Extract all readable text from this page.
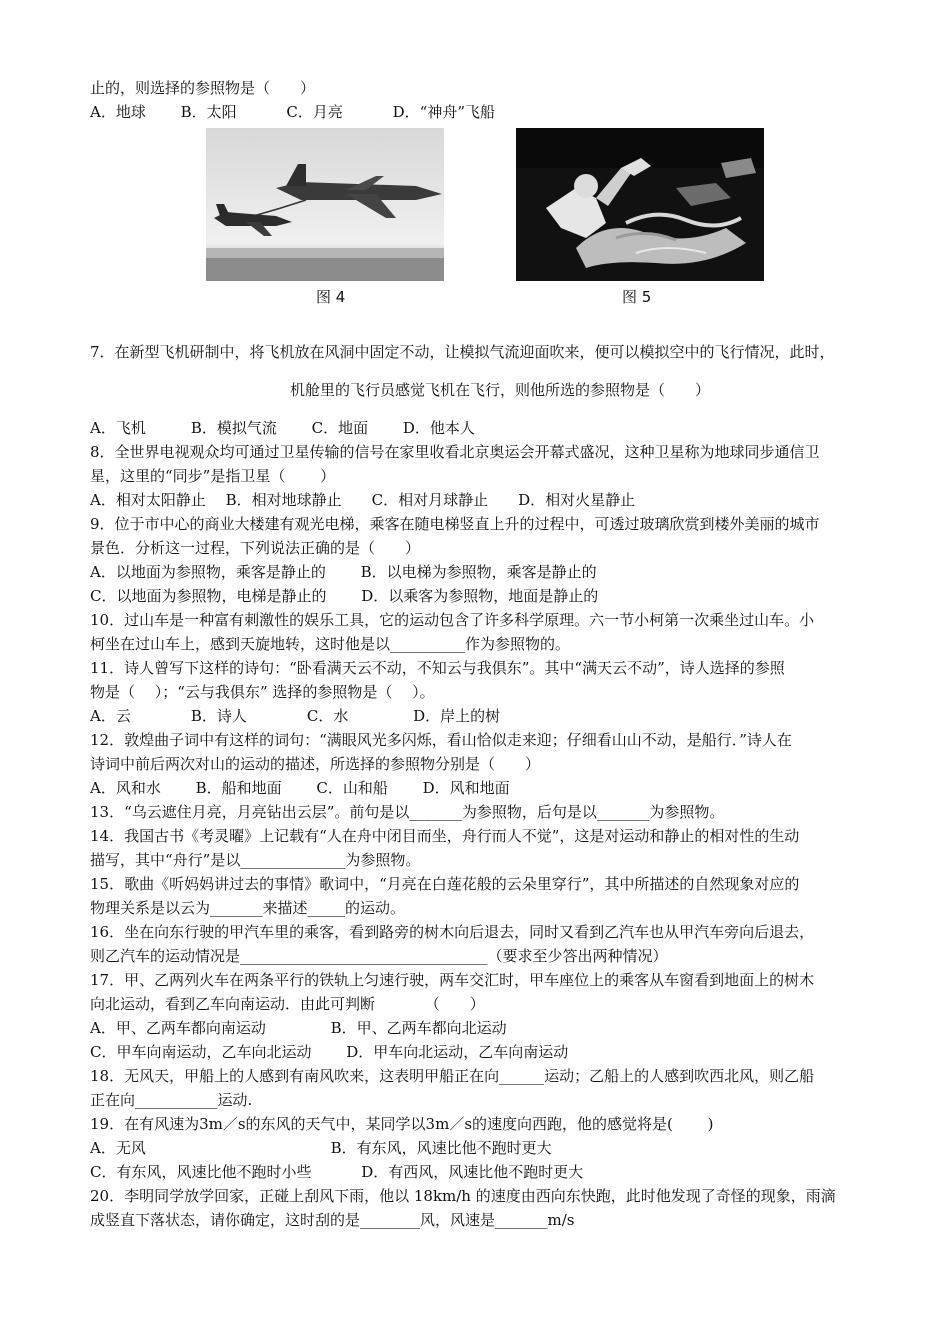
止的，则选择的参照物是（　　）
A．地球　　 B．太阳　　　 C．月亮　　　 D．“神舟”飞船
图 4	图 5
7．在新型飞机研制中，将飞机放在风洞中固定不动，让模拟气流迎面吹来，便可以模拟空中的飞行情况，此时，
机舱里的飞行员感觉飞机在飞行，则他所选的参照物是（　　）
A．飞机　　　B．模拟气流　　 C．地面　　 D．他本人
8．全世界电视观众均可通过卫星传输的信号在家里收看北京奥运会开幕式盛况，这种卫星称为地球同步通信卫
星，这里的“同步”是指卫星（　　 ）
A．相对太阳静止　 B．相对地球静止　　C．相对月球静止　　D．相对火星静止
9．位于市中心的商业大楼建有观光电梯，乘客在随电梯竖直上升的过程中，可透过玻璃欣赏到楼外美丽的城市
景色．分析这一过程，下列说法正确的是（　　）
A．以地面为参照物，乘客是静止的　　 B．以电梯为参照物，乘客是静止的
C．以地面为参照物，电梯是静止的　　 D．以乘客为参照物，地面是静止的
10．过山车是一种富有刺激性的娱乐工具，它的运动包含了许多科学原理。六一节小柯第一次乘坐过山车。小
柯坐在过山车上，感到天旋地转，这时他是以__________作为参照物的。
11．诗人曾写下这样的诗句：“卧看满天云不动，不知云与我俱东”。其中“满天云不动”，诗人选择的参照
物是（　 ）；“云与我俱东” 选择的参照物是（　 ）。
A．云　　　　B．诗人　　　　C．水　　　　 D．岸上的树
12．敦煌曲子词中有这样的词句：“满眼风光多闪烁，看山恰似走来迎；仔细看山山不动，是船行．”诗人在
诗词中前后两次对山的运动的描述，所选择的参照物分别是（　　）
A．风和水　　 B．船和地面　　 C．山和船　　 D．风和地面
13．“乌云遮住月亮，月亮钻出云层”。前句是以_______为参照物，后句是以_______为参照物。
14．我国古书《考灵曜》上记载有“人在舟中闭目而坐，舟行而人不觉”，这是对运动和静止的相对性的生动
描写，其中“舟行”是以______________为参照物。
15．歌曲《听妈妈讲过去的事情》歌词中，“月亮在白莲花般的云朵里穿行”，其中所描述的自然现象对应的
物理关系是以云为_______来描述_____的运动。
16．坐在向东行驶的甲汽车里的乘客，看到路旁的树木向后退去，同时又看到乙汽车也从甲汽车旁向后退去，
则乙汽车的运动情况是_________________________________（要求至少答出两种情况）
17．甲、乙两列火车在两条平行的铁轨上匀速行驶，两车交汇时，甲车座位上的乘客从车窗看到地面上的树木
向北运动，看到乙车向南运动．由此可判断　　　 （　　）
A．甲、乙两车都向南运动　　　　 B．甲、乙两车都向北运动
C．甲车向南运动，乙车向北运动　　 D．甲车向北运动，乙车向南运动
18．无风天，甲船上的人感到有南风吹来，这表明甲船正在向______运动；乙船上的人感到吹西北风，则乙船
正在向___________运动.
19．在有风速为3m／s的东风的天气中，某同学以3m／s的速度向西跑，他的感觉将是(　　 )
A．无风　　　　　　　　　　　　 B．有东风，风速比他不跑时更大
C．有东风，风速比他不跑时小些　　　 D．有西风，风速比他不跑时更大
20．李明同学放学回家，正碰上刮风下雨，他以 18km/h 的速度由西向东快跑，此时他发现了奇怪的现象，雨滴
成竖直下落状态，请你确定，这时刮的是________风，风速是_______m/s
